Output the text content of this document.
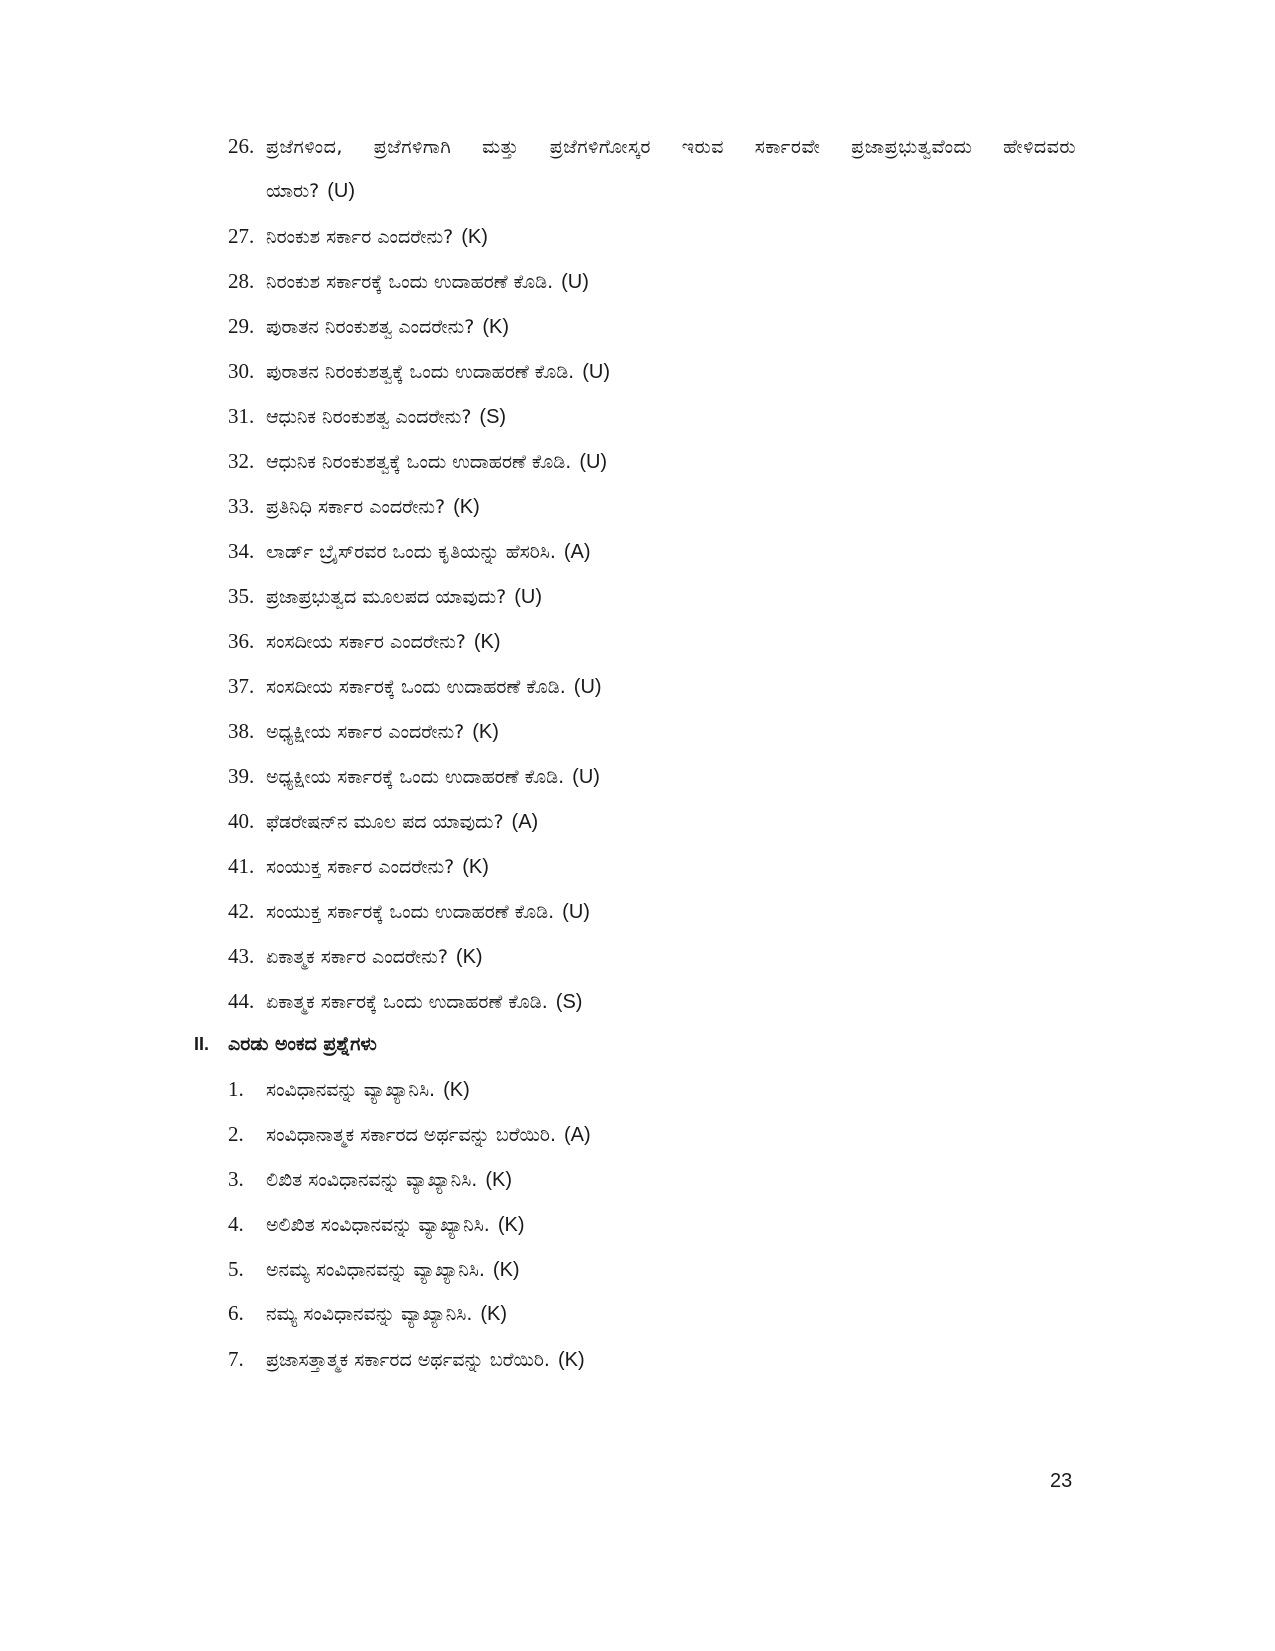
26. ಪ್ರಜೆಗಳಿಂದ, ಪ್ರಜೆಗಳಿಗಾಗಿ ಮತ್ತು ಪ್ರಜೆಗಳಿಗೋಸ್ಕರ ಇರುವ ಸರ್ಕಾರವೇ ಪ್ರಜಾಪ್ರಭುತ್ವವೆಂದು ಹೇಳಿದವರು
ಯಾರು? (U)
27. ನಿರಂಕುಶ ಸರ್ಕಾರ ಎಂದರೇನು? (K)
28. ನಿರಂಕುಶ ಸರ್ಕಾರಕ್ಕೆ ಒಂದು ಉದಾಹರಣೆ ಕೊಡಿ. (U)
29. ಪುರಾತನ ನಿರಂಕುಶತ್ವ ಎಂದರೇನು? (K)
30. ಪುರಾತನ ನಿರಂಕುಶತ್ವಕ್ಕೆ ಒಂದು ಉದಾಹರಣೆ ಕೊಡಿ. (U)
31. ಆಧುನಿಕ ನಿರಂಕುಶತ್ವ ಎಂದರೇನು? (S)
32. ಆಧುನಿಕ ನಿರಂಕುಶತ್ವಕ್ಕೆ ಒಂದು ಉದಾಹರಣೆ ಕೊಡಿ. (U)
33. ಪ್ರತಿನಿಧಿ ಸರ್ಕಾರ ಎಂದರೇನು? (K)
34. ಲಾರ್ಡ್ ಬ್ರೈಸ್‌ರವರ ಒಂದು ಕೃತಿಯನ್ನು ಹೆಸರಿಸಿ. (A)
35. ಪ್ರಜಾಪ್ರಭುತ್ವದ ಮೂಲಪದ ಯಾವುದು? (U)
36. ಸಂಸದೀಯ ಸರ್ಕಾರ ಎಂದರೇನು? (K)
37. ಸಂಸದೀಯ ಸರ್ಕಾರಕ್ಕೆ ಒಂದು ಉದಾಹರಣೆ ಕೊಡಿ. (U)
38. ಅಧ್ಯಕ್ಷೀಯ ಸರ್ಕಾರ ಎಂದರೇನು? (K)
39. ಅಧ್ಯಕ್ಷೀಯ ಸರ್ಕಾರಕ್ಕೆ ಒಂದು ಉದಾಹರಣೆ ಕೊಡಿ. (U)
40. ಫೆಡರೇಷನ್‌ನ ಮೂಲ ಪದ ಯಾವುದು? (A)
41. ಸಂಯುಕ್ತ ಸರ್ಕಾರ ಎಂದರೇನು? (K)
42. ಸಂಯುಕ್ತ ಸರ್ಕಾರಕ್ಕೆ ಒಂದು ಉದಾಹರಣೆ ಕೊಡಿ. (U)
43. ಏಕಾತ್ಮಕ ಸರ್ಕಾರ ಎಂದರೇನು? (K)
44. ಏಕಾತ್ಮಕ ಸರ್ಕಾರಕ್ಕೆ ಒಂದು ಉದಾಹರಣೆ ಕೊಡಿ. (S)
II. ಎರಡು ಅಂಕದ ಪ್ರಶ್ನೆಗಳು
1. ಸಂವಿಧಾನವನ್ನು ವ್ಯಾಖ್ಯಾನಿಸಿ. (K)
2. ಸಂವಿಧಾನಾತ್ಮಕ ಸರ್ಕಾರದ ಅರ್ಥವನ್ನು ಬರೆಯಿರಿ. (A)
3. ಲಿಖಿತ ಸಂವಿಧಾನವನ್ನು ವ್ಯಾಖ್ಯಾನಿಸಿ. (K)
4. ಅಲಿಖಿತ ಸಂವಿಧಾನವನ್ನು ವ್ಯಾಖ್ಯಾನಿಸಿ. (K)
5. ಅನಮ್ಯ ಸಂವಿಧಾನವನ್ನು ವ್ಯಾಖ್ಯಾನಿಸಿ. (K)
6. ನಮ್ಯ ಸಂವಿಧಾನವನ್ನು ವ್ಯಾಖ್ಯಾನಿಸಿ. (K)
7. ಪ್ರಜಾಸತ್ತಾತ್ಮಕ ಸರ್ಕಾರದ ಅರ್ಥವನ್ನು ಬರೆಯಿರಿ. (K)
23
